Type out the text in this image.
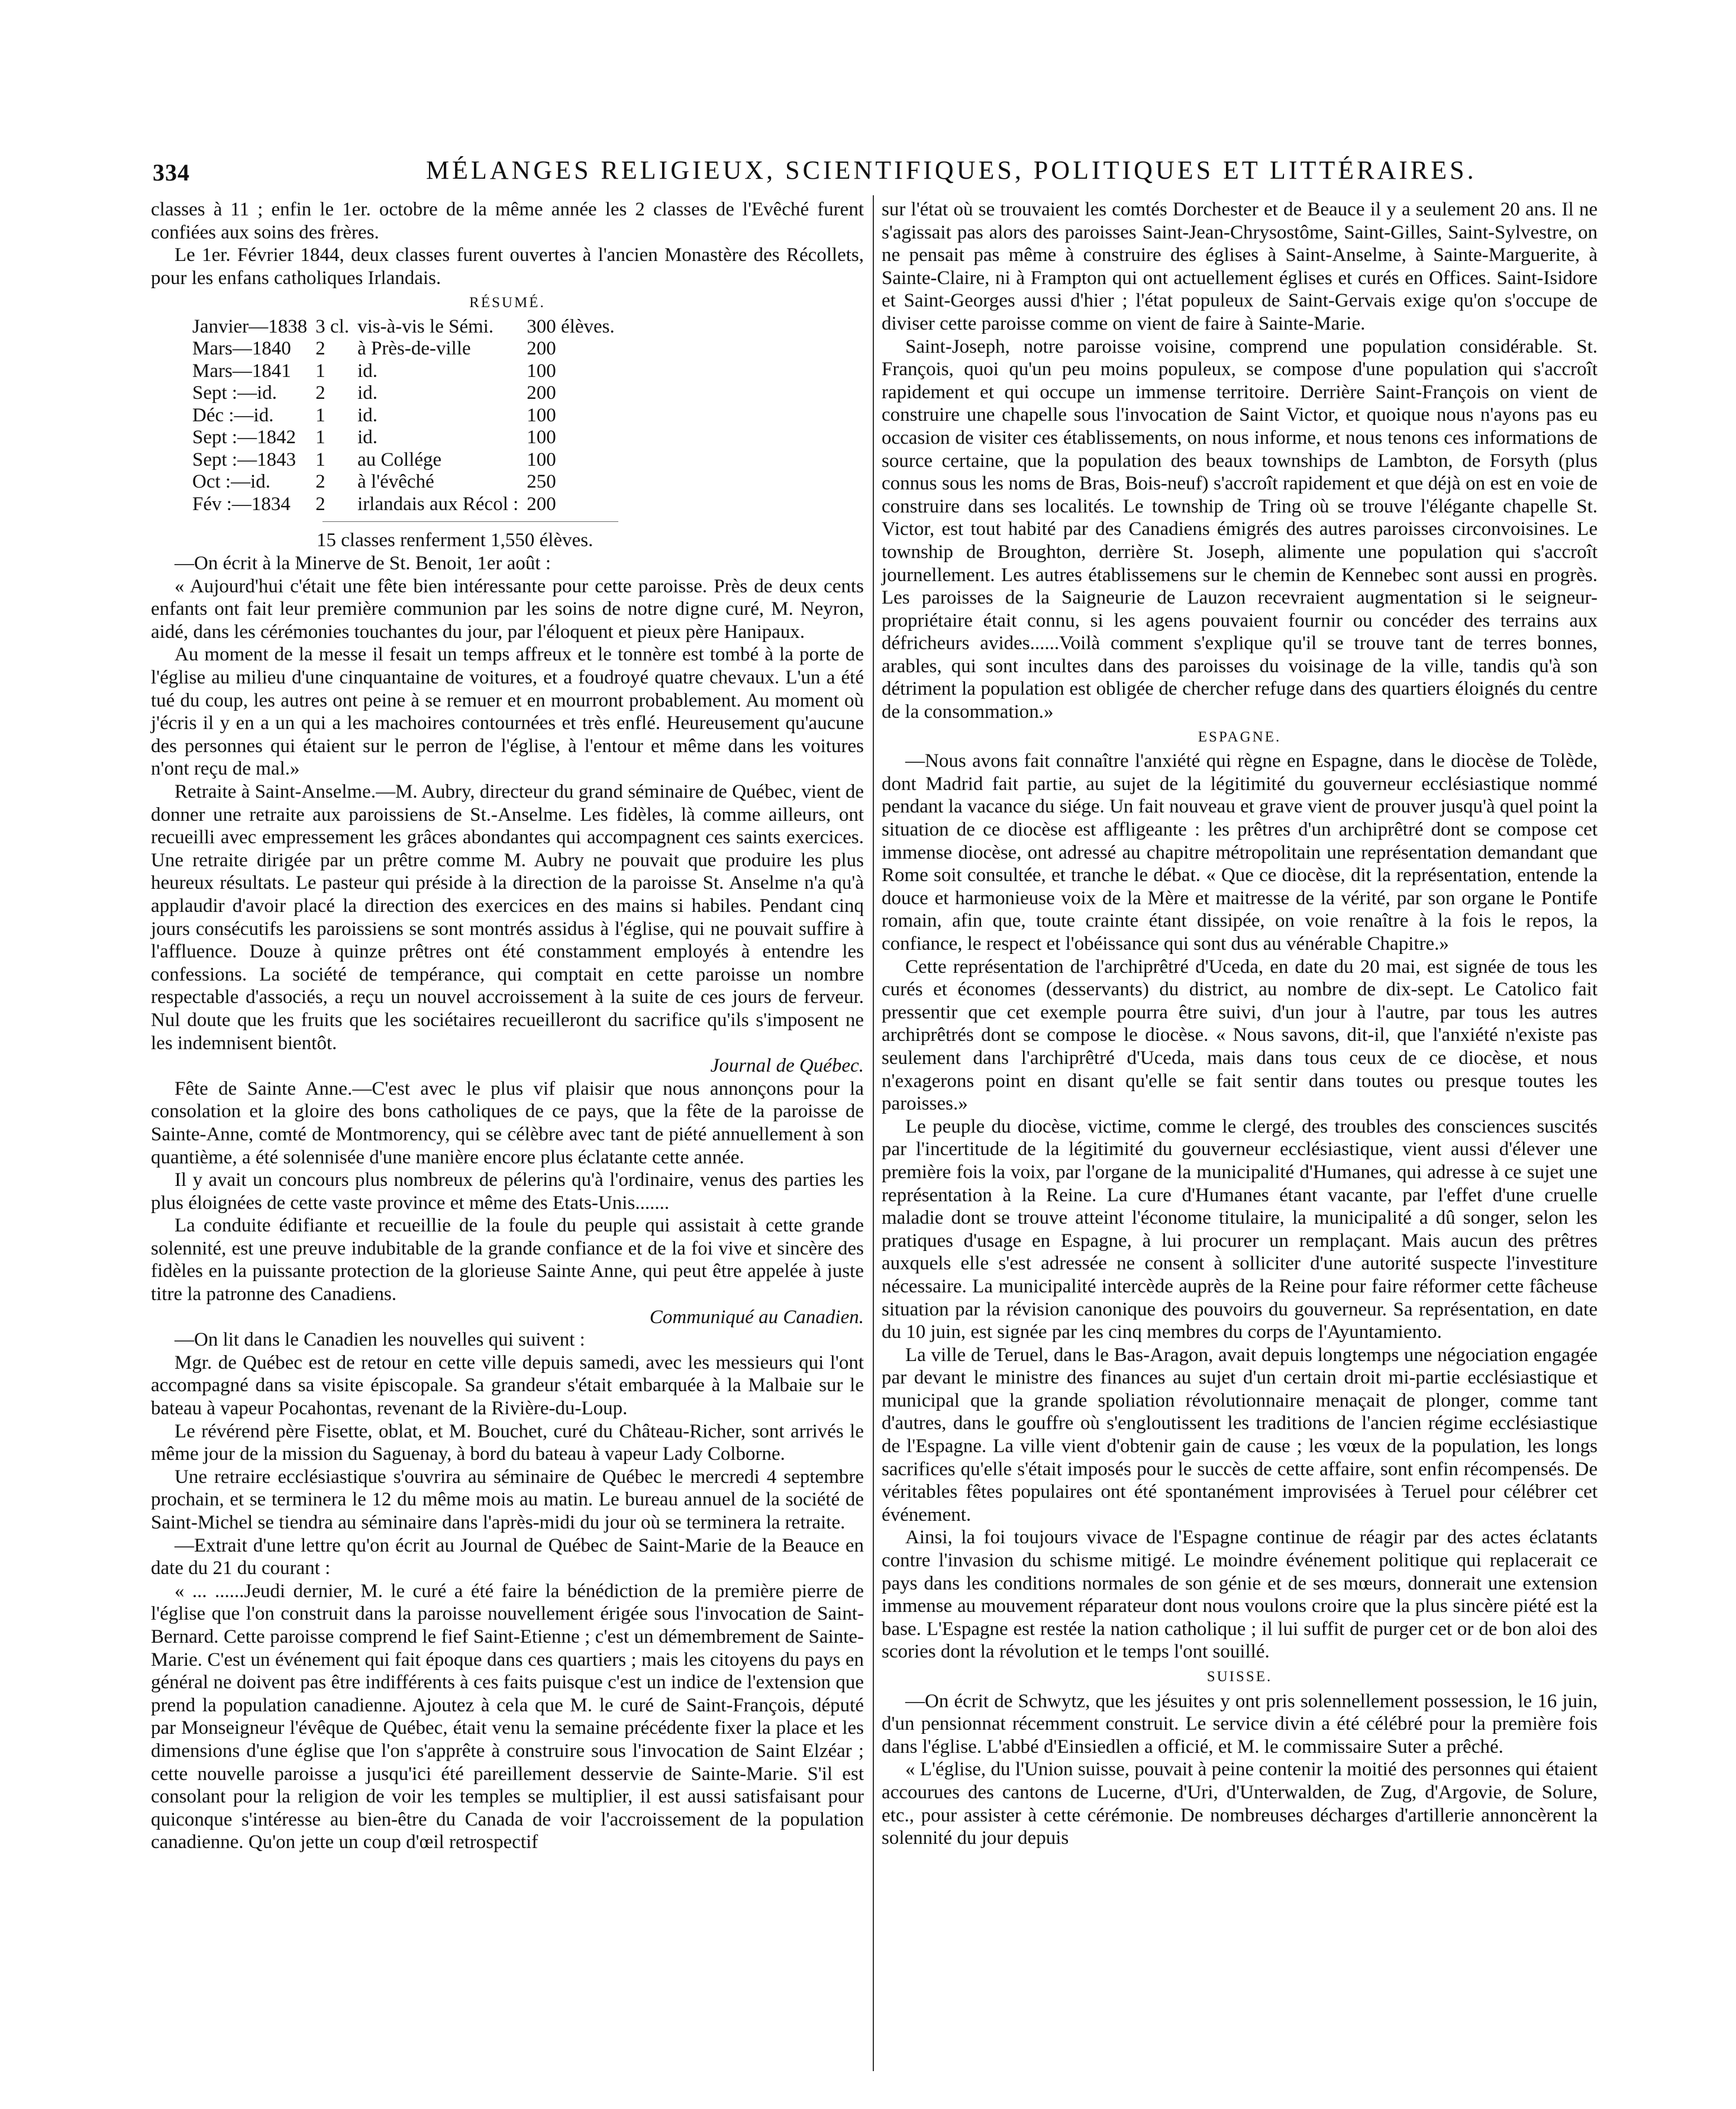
334	MÉLANGES RELIGIEUX, SCIENTIFIQUES, POLITIQUES ET LITTÉRAIRES.

classes à 11 ; enfin le 1er. octobre de la même année les 2 classes de l'Evêché furent confiées aux soins des frères.

Le 1er. Février 1844, deux classes furent ouvertes à l'ancien Monastère des Récollets, pour les enfans catholiques Irlandais.

RÉSUMÉ.
Janvier—1838	3 cl.	vis-à-vis le Sémi.	300 élèves.
Mars—1840	2	à Près-de-ville	200
Mars—1841	1	id.	100
Sept :—id.	2	id.	200
Déc :—id.	1	id.	100
Sept :—1842	1	id.	100
Sept :—1843	1	au Collége	100
Oct :—id.	2	à l'évêché	250
Fév :—1834	2	irlandais aux Récol :	200

15 classes renferment 1,550 élèves.

—On écrit à la Minerve de St. Benoit, 1er août :

« Aujourd'hui c'était une fête bien intéressante pour cette paroisse. Près de deux cents enfants ont fait leur première communion par les soins de notre digne curé, M. Neyron, aidé, dans les cérémonies touchantes du jour, par l'éloquent et pieux père Hanipaux.

Au moment de la messe il fesait un temps affreux et le tonnère est tombé à la porte de l'église au milieu d'une cinquantaine de voitures, et a foudroyé quatre chevaux. L'un a été tué du coup, les autres ont peine à se remuer et en mourront probablement. Au moment où j'écris il y en a un qui a les machoires contournées et très enflé. Heureusement qu'aucune des personnes qui étaient sur le perron de l'église, à l'entour et même dans les voitures n'ont reçu de mal.»

Retraite à Saint-Anselme.—M. Aubry, directeur du grand séminaire de Québec, vient de donner une retraite aux paroissiens de St.-Anselme. Les fidèles, là comme ailleurs, ont recueilli avec empressement les grâces abondantes qui accompagnent ces saints exercices. Une retraite dirigée par un prêtre comme M. Aubry ne pouvait que produire les plus heureux résultats. Le pasteur qui préside à la direction de la paroisse St. Anselme n'a qu'à applaudir d'avoir placé la direction des exercices en des mains si habiles. Pendant cinq jours consécutifs les paroissiens se sont montrés assidus à l'église, qui ne pouvait suffire à l'affluence. Douze à quinze prêtres ont été constamment employés à entendre les confessions. La société de tempérance, qui comptait en cette paroisse un nombre respectable d'associés, a reçu un nouvel accroissement à la suite de ces jours de ferveur. Nul doute que les fruits que les sociétaires recueilleront du sacrifice qu'ils s'imposent ne les indemnisent bientôt.

Journal de Québec.

Fête de Sainte Anne.—C'est avec le plus vif plaisir que nous annonçons pour la consolation et la gloire des bons catholiques de ce pays, que la fête de la paroisse de Sainte-Anne, comté de Montmorency, qui se célèbre avec tant de piété annuellement à son quantième, a été solennisée d'une manière encore plus éclatante cette année.

Il y avait un concours plus nombreux de pélerins qu'à l'ordinaire, venus des parties les plus éloignées de cette vaste province et même des Etats-Unis.......

La conduite édifiante et recueillie de la foule du peuple qui assistait à cette grande solennité, est une preuve indubitable de la grande confiance et de la foi vive et sincère des fidèles en la puissante protection de la glorieuse Sainte Anne, qui peut être appelée à juste titre la patronne des Canadiens.

Communiqué au Canadien.

—On lit dans le Canadien les nouvelles qui suivent :

Mgr. de Québec est de retour en cette ville depuis samedi, avec les messieurs qui l'ont accompagné dans sa visite épiscopale. Sa grandeur s'était embarquée à la Malbaie sur le bateau à vapeur Pocahontas, revenant de la Rivière-du-Loup.

Le révérend père Fisette, oblat, et M. Bouchet, curé du Château-Richer, sont arrivés le même jour de la mission du Saguenay, à bord du bateau à vapeur Lady Colborne.

Une retraire ecclésiastique s'ouvrira au séminaire de Québec le mercredi 4 septembre prochain, et se terminera le 12 du même mois au matin. Le bureau annuel de la société de Saint-Michel se tiendra au séminaire dans l'après-midi du jour où se terminera la retraite.

—Extrait d'une lettre qu'on écrit au Journal de Québec de Saint-Marie de la Beauce en date du 21 du courant :

« ... ......Jeudi dernier, M. le curé a été faire la bénédiction de la première pierre de l'église que l'on construit dans la paroisse nouvellement érigée sous l'invocation de Saint-Bernard. Cette paroisse comprend le fief Saint-Etienne ; c'est un démembrement de Sainte-Marie. C'est un événement qui fait époque dans ces quartiers ; mais les citoyens du pays en général ne doivent pas être indifférents à ces faits puisque c'est un indice de l'extension que prend la population canadienne. Ajoutez à cela que M. le curé de Saint-François, député par Monseigneur l'évêque de Québec, était venu la semaine précédente fixer la place et les dimensions d'une église que l'on s'apprête à construire sous l'invocation de Saint Elzéar ; cette nouvelle paroisse a jusqu'ici été pareillement desservie de Sainte-Marie. S'il est consolant pour la religion de voir les temples se multiplier, il est aussi satisfaisant pour quiconque s'intéresse au bien-être du Canada de voir l'accroissement de la population canadienne. Qu'on jette un coup d'œil retrospectif

sur l'état où se trouvaient les comtés Dorchester et de Beauce il y a seulement 20 ans. Il ne s'agissait pas alors des paroisses Saint-Jean-Chrysostôme, Saint-Gilles, Saint-Sylvestre, on ne pensait pas même à construire des églises à Saint-Anselme, à Sainte-Marguerite, à Sainte-Claire, ni à Frampton qui ont actuellement églises et curés en Offices. Saint-Isidore et Saint-Georges aussi d'hier ; l'état populeux de Saint-Gervais exige qu'on s'occupe de diviser cette paroisse comme on vient de faire à Sainte-Marie.

Saint-Joseph, notre paroisse voisine, comprend une population considérable. St. François, quoi qu'un peu moins populeux, se compose d'une population qui s'accroît rapidement et qui occupe un immense territoire. Derrière Saint-François on vient de construire une chapelle sous l'invocation de Saint Victor, et quoique nous n'ayons pas eu occasion de visiter ces établissements, on nous informe, et nous tenons ces informations de source certaine, que la population des beaux townships de Lambton, de Forsyth (plus connus sous les noms de Bras, Bois-neuf) s'accroît rapidement et que déjà on est en voie de construire dans ses localités. Le township de Tring où se trouve l'élégante chapelle St. Victor, est tout habité par des Canadiens émigrés des autres paroisses circonvoisines. Le township de Broughton, derrière St. Joseph, alimente une population qui s'accroît journellement. Les autres établissemens sur le chemin de Kennebec sont aussi en progrès. Les paroisses de la Saigneurie de Lauzon recevraient augmentation si le seigneur-propriétaire était connu, si les agens pouvaient fournir ou concéder des terrains aux défricheurs avides......Voilà comment s'explique qu'il se trouve tant de terres bonnes, arables, qui sont incultes dans des paroisses du voisinage de la ville, tandis qu'à son détriment la population est obligée de chercher refuge dans des quartiers éloignés du centre de la consommation.»

ESPAGNE.

—Nous avons fait connaître l'anxiété qui règne en Espagne, dans le diocèse de Tolède, dont Madrid fait partie, au sujet de la légitimité du gouverneur ecclésiastique nommé pendant la vacance du siége. Un fait nouveau et grave vient de prouver jusqu'à quel point la situation de ce diocèse est affligeante : les prêtres d'un archiprêtré dont se compose cet immense diocèse, ont adressé au chapitre métropolitain une représentation demandant que Rome soit consultée, et tranche le débat. « Que ce diocèse, dit la représentation, entende la douce et harmonieuse voix de la Mère et maitresse de la vérité, par son organe le Pontife romain, afin que, toute crainte étant dissipée, on voie renaître à la fois le repos, la confiance, le respect et l'obéissance qui sont dus au vénérable Chapitre.»

Cette représentation de l'archiprêtré d'Uceda, en date du 20 mai, est signée de tous les curés et économes (desservants) du district, au nombre de dix-sept. Le Catolico fait pressentir que cet exemple pourra être suivi, d'un jour à l'autre, par tous les autres archiprêtrés dont se compose le diocèse. « Nous savons, dit-il, que l'anxiété n'existe pas seulement dans l'archiprêtré d'Uceda, mais dans tous ceux de ce diocèse, et nous n'exagerons point en disant qu'elle se fait sentir dans toutes ou presque toutes les paroisses.»

Le peuple du diocèse, victime, comme le clergé, des troubles des consciences suscités par l'incertitude de la légitimité du gouverneur ecclésiastique, vient aussi d'élever une première fois la voix, par l'organe de la municipalité d'Humanes, qui adresse à ce sujet une représentation à la Reine. La cure d'Humanes étant vacante, par l'effet d'une cruelle maladie dont se trouve atteint l'économe titulaire, la municipalité a dû songer, selon les pratiques d'usage en Espagne, à lui procurer un remplaçant. Mais aucun des prêtres auxquels elle s'est adressée ne consent à solliciter d'une autorité suspecte l'investiture nécessaire. La municipalité intercède auprès de la Reine pour faire réformer cette fâcheuse situation par la révision canonique des pouvoirs du gouverneur. Sa représentation, en date du 10 juin, est signée par les cinq membres du corps de l'Ayuntamiento.

La ville de Teruel, dans le Bas-Aragon, avait depuis longtemps une négociation engagée par devant le ministre des finances au sujet d'un certain droit mi-partie ecclésiastique et municipal que la grande spoliation révolutionnaire menaçait de plonger, comme tant d'autres, dans le gouffre où s'engloutissent les traditions de l'ancien régime ecclésiastique de l'Espagne. La ville vient d'obtenir gain de cause ; les vœux de la population, les longs sacrifices qu'elle s'était imposés pour le succès de cette affaire, sont enfin récompensés. De véritables fêtes populaires ont été spontanément improvisées à Teruel pour célébrer cet événement.

Ainsi, la foi toujours vivace de l'Espagne continue de réagir par des actes éclatants contre l'invasion du schisme mitigé. Le moindre événement politique qui replacerait ce pays dans les conditions normales de son génie et de ses mœurs, donnerait une extension immense au mouvement réparateur dont nous voulons croire que la plus sincère piété est la base. L'Espagne est restée la nation catholique ; il lui suffit de purger cet or de bon aloi des scories dont la révolution et le temps l'ont souillé.

SUISSE.

—On écrit de Schwytz, que les jésuites y ont pris solennellement possession, le 16 juin, d'un pensionnat récemment construit. Le service divin a été célébré pour la première fois dans l'église. L'abbé d'Einsiedlen a officié, et M. le commissaire Suter a prêché.

« L'église, du l'Union suisse, pouvait à peine contenir la moitié des personnes qui étaient accourues des cantons de Lucerne, d'Uri, d'Unterwalden, de Zug, d'Argovie, de Solure, etc., pour assister à cette cérémonie. De nombreuses décharges d'artillerie annoncèrent la solennité du jour depuis
